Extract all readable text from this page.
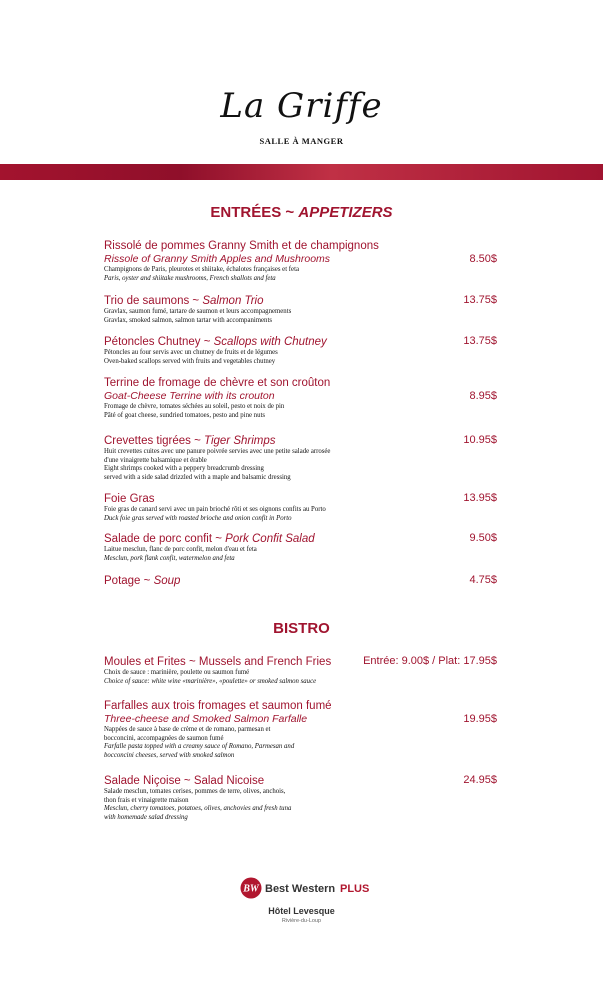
La Griffe
SALLE À MANGER
ENTRÉES ~ APPETIZERS
Rissolé de pommes Granny Smith et de champignons
Rissole of Granny Smith Apples and Mushrooms
Champignons de Paris, pleurotes et shiitake, échalotes françaises et feta
Paris, oyster and shiitake mushrooms, French shallots and feta
8.50$
Trio de saumons ~ Salmon Trio
Gravlax, saumon fumé, tartare de saumon et leurs accompagnements
Gravlax, smoked salmon, salmon tartar with accompaniments
13.75$
Pétoncles Chutney ~ Scallops with Chutney
Pétoncles au four servis avec un chutney de fruits et de légumes
Oven-baked scallops served with fruits and vegetables chutney
13.75$
Terrine de fromage de chèvre et son croûton
Goat-Cheese Terrine with its crouton
Fromage de chèvre, tomates séchées au soleil, pesto et noix de pin
Pâté of goat cheese, sundried tomatoes, pesto and pine nuts
8.95$
Crevettes tigrées ~ Tiger Shrimps
Huit crevettes cuites avec une panure poivrée servies avec une petite salade arrosée
d'une vinaigrette balsamique et érable
Eight shrimps cooked with a peppery breadcrumb dressing
served with a side salad drizzled with a maple and balsamic dressing
10.95$
Foie Gras
Foie gras de canard servi avec un pain brioché rôti et ses oignons confits au Porto
Duck foie gras served with roasted brioche and onion confit in Porto
13.95$
Salade de porc confit ~ Pork Confit Salad
Laitue mesclun, flanc de porc confit, melon d'eau et feta
Mesclun, pork flank confit, watermelon and feta
9.50$
Potage ~ Soup	4.75$
BISTRO
Moules et Frites ~ Mussels and French Fries
Choix de sauce : marinière, poulette ou saumon fumé
Choice of sauce: white wine «marinière», «poulette» or smoked salmon sauce
Entrée: 9.00$ / Plat: 17.95$
Farfalles aux trois fromages et saumon fumé
Three-cheese and Smoked Salmon Farfalle
Nappées de sauce à base de crème et de romano, parmesan et
bocconcini, accompagnées de saumon fumé
Farfalle pasta topped with a creamy sauce of Romano, Parmesan and
bocconcini cheeses, served with smoked salmon
19.95$
Salade Niçoise ~ Salad Nicoise
Salade mesclun, tomates cerises, pommes de terre, olives, anchois,
thon frais et vinaigrette maison
Mesclun, cherry tomatoes, potatoes, olives, anchovies and fresh tuna
with homemade salad dressing
24.95$
BW Best Western PLUS
Hôtel Levesque
Rivière-du-Loup
